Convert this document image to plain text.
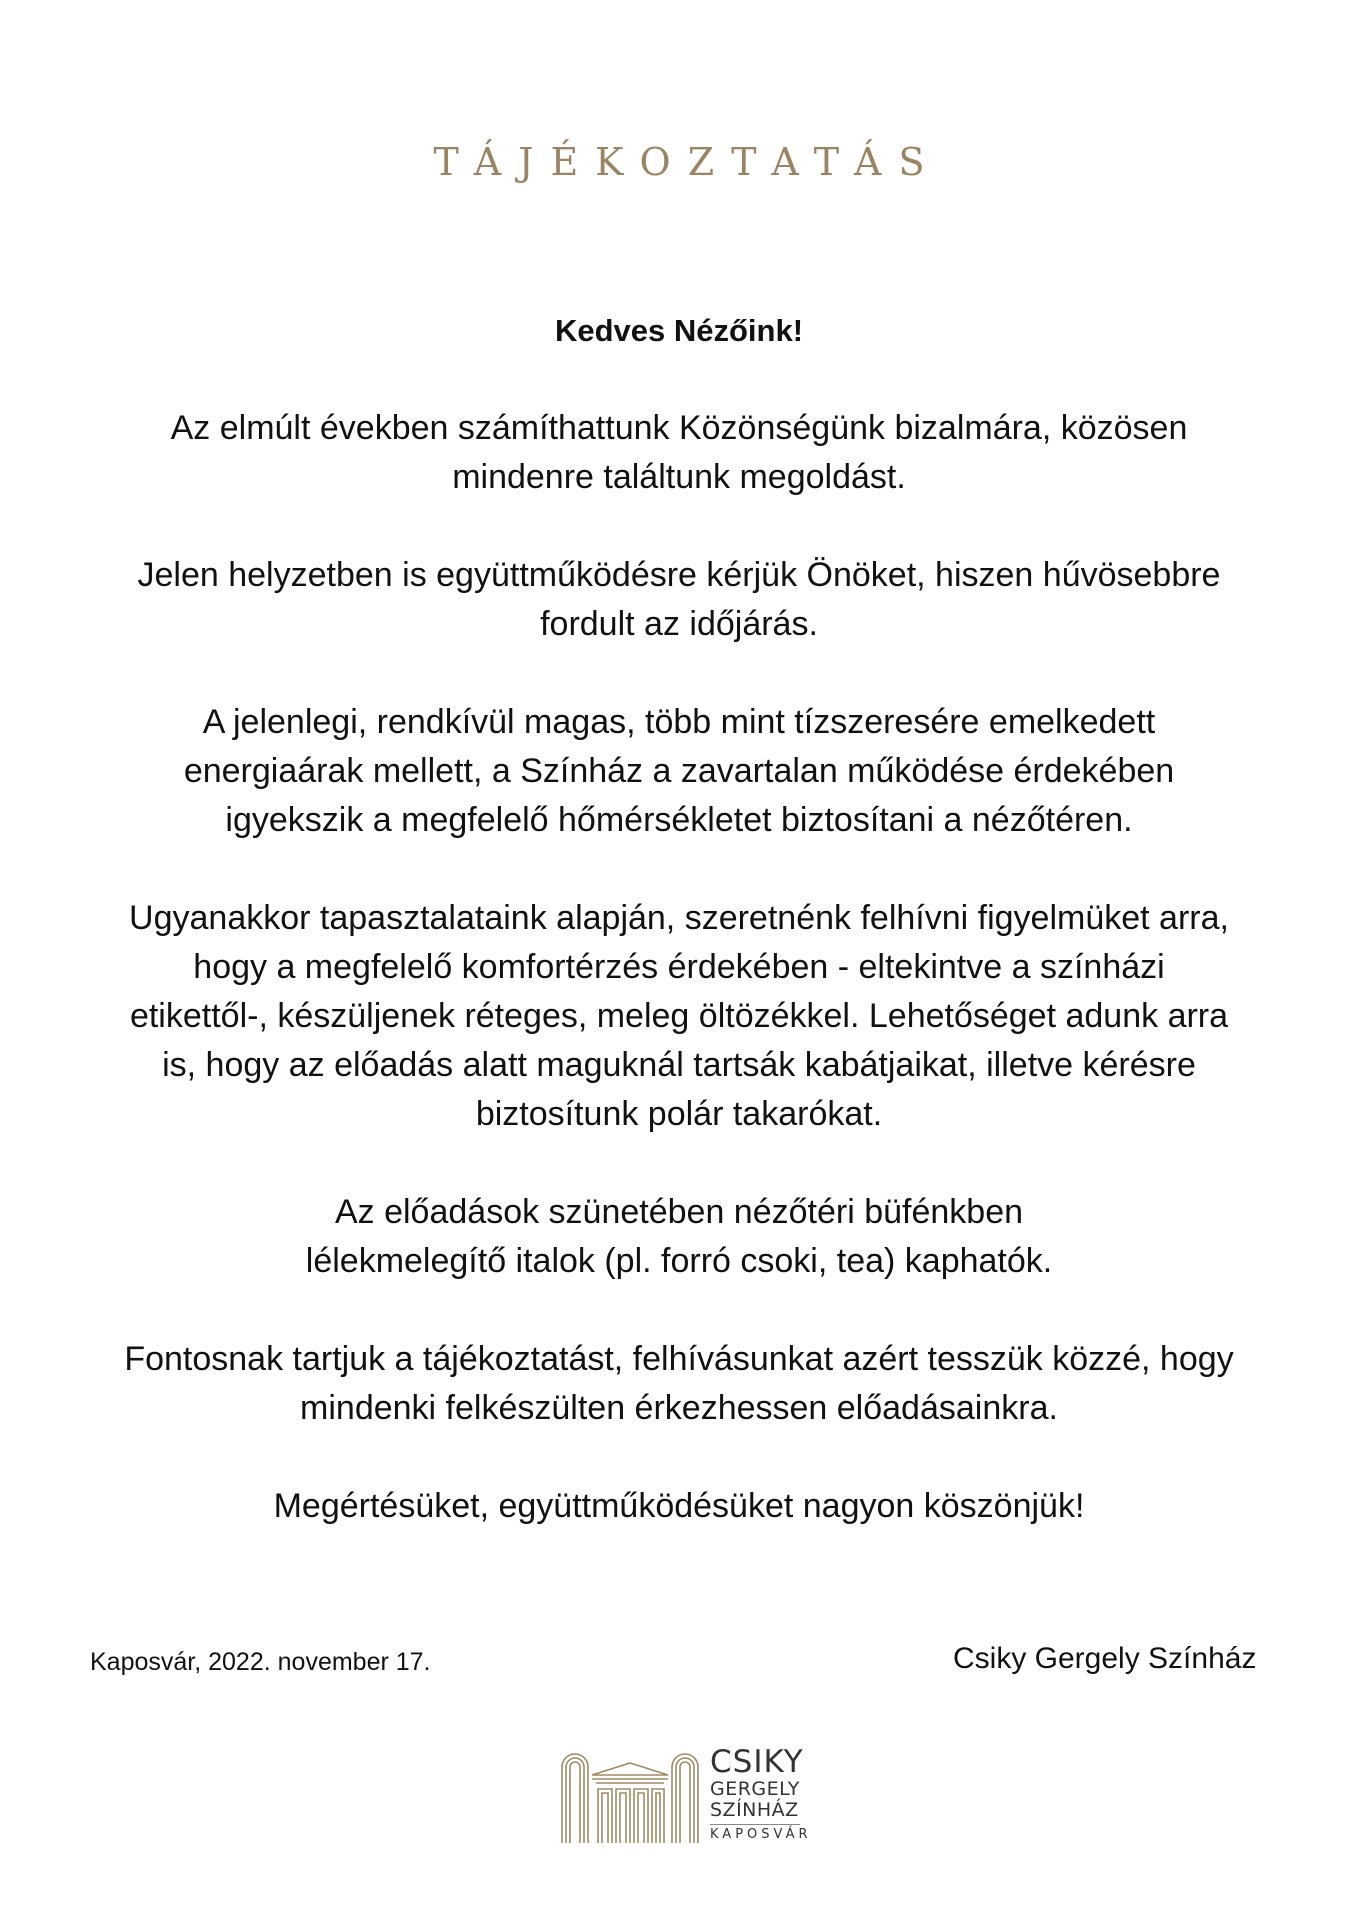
TÁJÉKOZTATÁS
Kedves Nézőink!
Az elmúlt években számíthattunk Közönségünk bizalmára, közösen
mindenre találtunk megoldást.
Jelen helyzetben is együttműködésre kérjük Önöket, hiszen hűvösebbre
fordult az időjárás.
A jelenlegi, rendkívül magas, több mint tízszeresére emelkedett
energiaárak mellett, a Színház a zavartalan működése érdekében
igyekszik a megfelelő hőmérsékletet biztosítani a nézőtéren.
Ugyanakkor tapasztalataink alapján, szeretnénk felhívni figyelmüket arra,
hogy a megfelelő komfortérzés érdekében - eltekintve a színházi
etikettől-, készüljenek réteges, meleg öltözékkel. Lehetőséget adunk arra
is, hogy az előadás alatt maguknál tartsák kabátjaikat, illetve kérésre
biztosítunk polár takarókat.
Az előadások szünetében nézőtéri büfénkben
lélekmelegítő italok (pl. forró csoki, tea) kaphatók.
Fontosnak tartjuk a tájékoztatást, felhívásunkat azért tesszük közzé, hogy
mindenki felkészülten érkezhessen előadásainkra.
Megértésüket, együttműködésüket nagyon köszönjük!
Kaposvár, 2022. november 17.	Csiky Gergely Színház
CSIKY
GERGELY
SZÍNHÁZ
KAPOSVÁR
